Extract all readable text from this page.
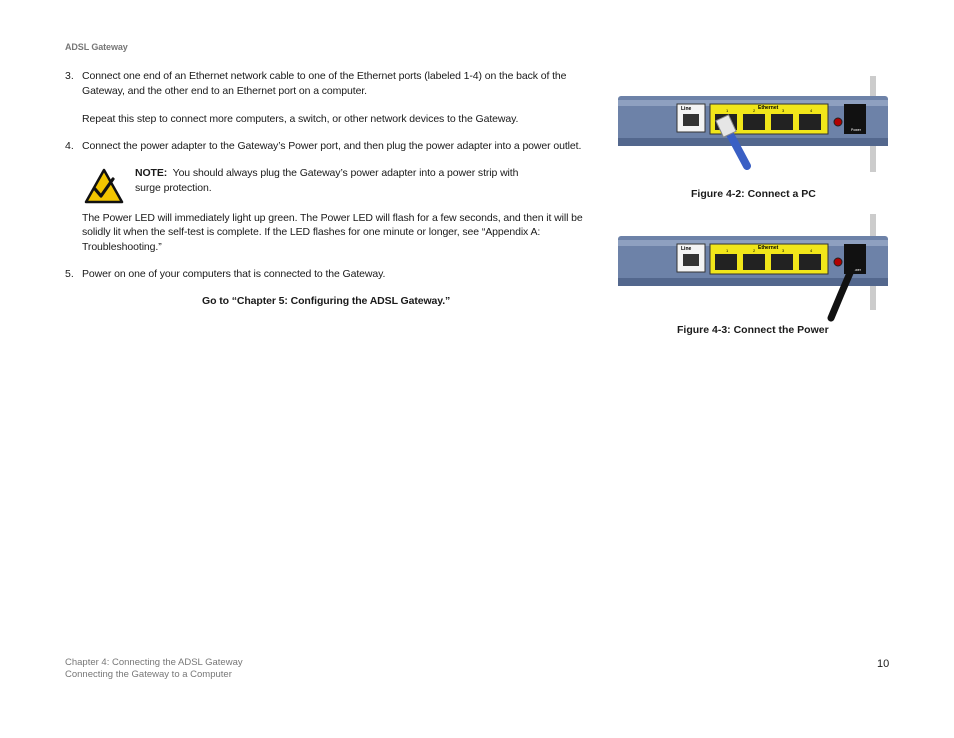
ADSL Gateway
3. Connect one end of an Ethernet network cable to one of the Ethernet ports (labeled 1-4) on the back of the
Gateway, and the other end to an Ethernet port on a computer.
Repeat this step to connect more computers, a switch, or other network devices to the Gateway.
4. Connect the power adapter to the Gateway’s Power port, and then plug the power adapter into a power outlet.
NOTE: You should always plug the Gateway’s power adapter into a power strip with
surge protection.
The Power LED will immediately light up green. The Power LED will flash for a few seconds, and then it will be
solidly lit when the self-test is complete. If the LED flashes for one minute or longer, see “Appendix A:
Troubleshooting.”
5. Power on one of your computers that is connected to the Gateway.
Go to “Chapter 5: Configuring the ADSL Gateway.”
Line	Ethernet
1	2	3	4
Power
Figure 4-2: Connect a PC
Line	Ethernet
1	2	3	4
Power
Figure 4-3: Connect the Power
Chapter 4: Connecting the ADSL Gateway
Connecting the Gateway to a Computer
10
